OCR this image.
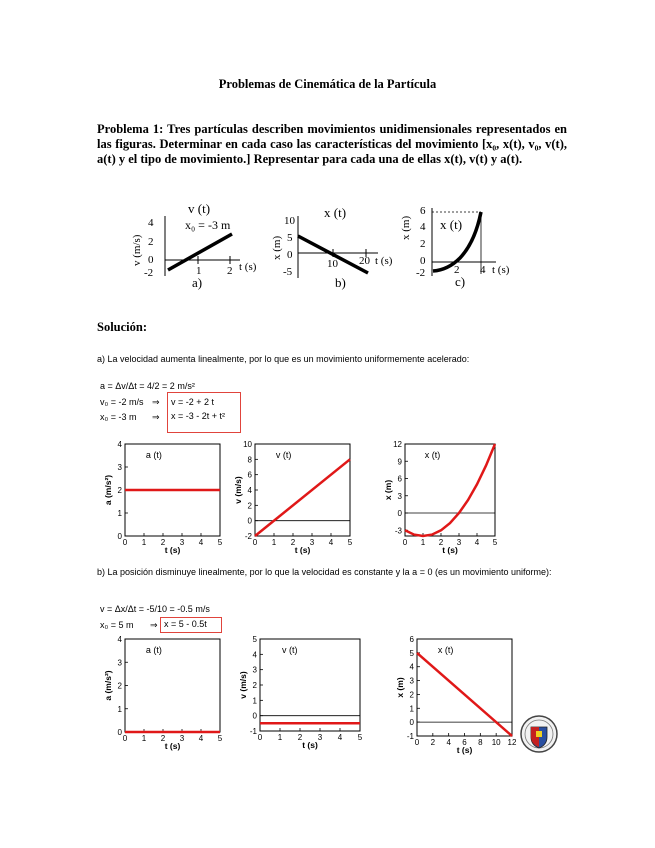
Problemas de Cinemática de la Partícula
Problema 1: Tres partículas describen movimientos unidimensionales representados en las figuras. Determinar en cada caso las características del movimiento [x₀, x(t), v₀, v(t), a(t) y el tipo de movimiento.] Representar para cada una de ellas x(t), v(t) y a(t).
4
2
0
-2	1 2 t (s)
v (t)
x₀ = -3 m
a)
v (m/s)
10
5
0
-5
10 20 t (s)
x (t)
b)
x (m)
6
4
2
0
-2	2 4 t (s)
x (t)
c)
x (m)
Solución:
a) La velocidad aumenta linealmente, por lo que es un movimiento uniformemente acelerado:
a = Δv/Δt = 4/2 = 2 m/s²
v₀ = -2 m/s ⇒
x₀ = -3 m ⇒
v = -2 + 2 t
x = -3 - 2t + t²
b) La posición disminuye linealmente, por lo que la velocidad es constante y la a = 0 (es un movimiento uniforme):
v = Δx/Δt = -5/10 = -0.5 m/s
x₀ = 5 m ⇒ x = 5 - 0.5t
0 1 2 3 4 5
0
1
2
3
4
a (t)
t (s)
a (m/s²)
0 1 2 3 4 5
-2
0
2
4
6
8
10
v (t)
t (s)
v (m/s)
0 1 2 3 4 5
-3
0
3
6
9
12
x (t)
t (s)
x (m)
0 1 2 3 4 5
0
1
2
3
4
a (t)
t (s)
a (m/s²)
0 1 2 3 4 5
-1
0
1
2
3
4
5
v (t)
t (s)
v (m/s)
0 2 4 6 8 10 12
-1
0
1
2
3
4
5
6
x (t)
t (s)
x (m)
